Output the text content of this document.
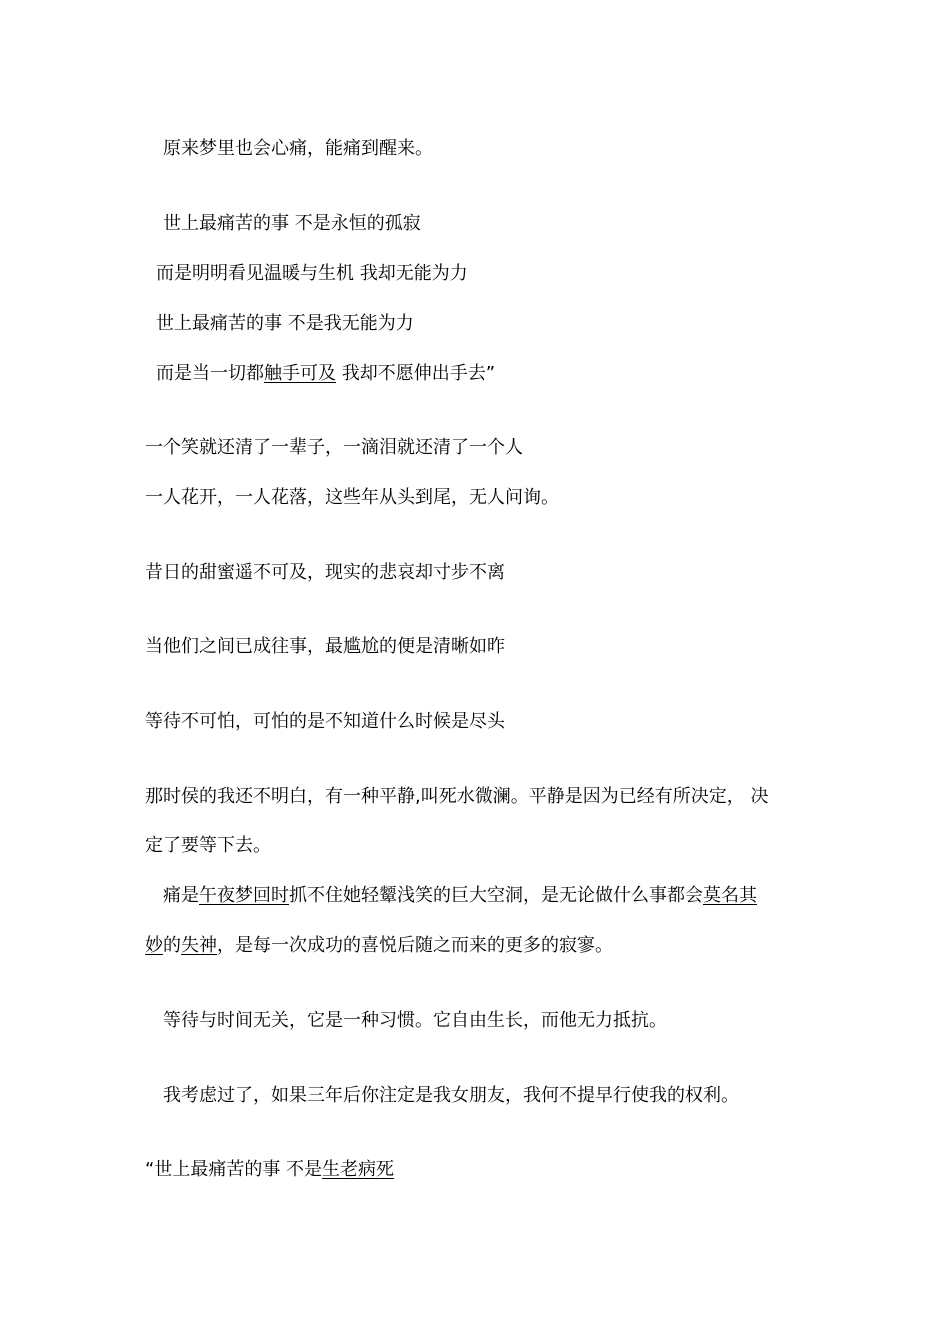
原来梦里也会心痛，能痛到醒来。
世上最痛苦的事 不是永恒的孤寂
而是明明看见温暖与生机 我却无能为力
世上最痛苦的事 不是我无能为力
而是当一切都触手可及 我却不愿伸出手去”
一个笑就还清了一辈子，一滴泪就还清了一个人
一人花开，一人花落，这些年从头到尾，无人问询。
昔日的甜蜜遥不可及，现实的悲哀却寸步不离
当他们之间已成往事，最尴尬的便是清晰如昨
等待不可怕，可怕的是不知道什么时候是尽头
那时侯的我还不明白，有一种平静,叫死水微澜。平静是因为已经有所决定， 决
定了要等下去。
痛是午夜梦回时抓不住她轻颦浅笑的巨大空洞，是无论做什么事都会莫名其
妙的失神，是每一次成功的喜悦后随之而来的更多的寂寥。
等待与时间无关，它是一种习惯。它自由生长，而他无力抵抗。
我考虑过了，如果三年后你注定是我女朋友，我何不提早行使我的权利。
“世上最痛苦的事 不是生老病死
